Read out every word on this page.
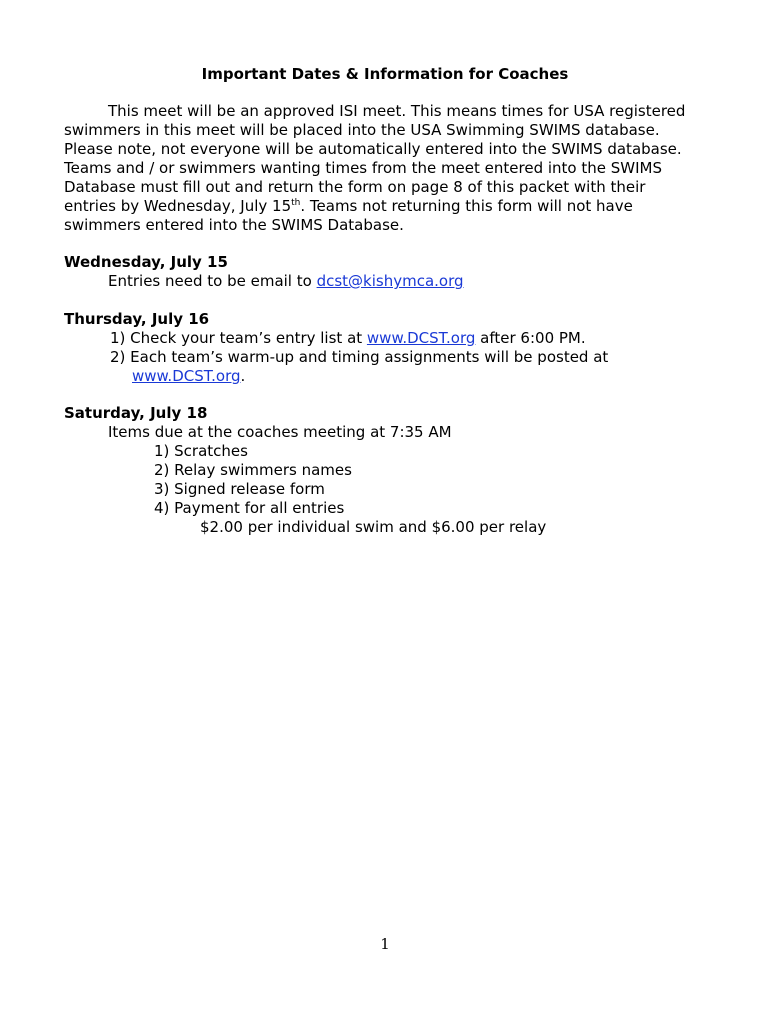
Important Dates & Information for Coaches
This meet will be an approved ISI meet. This means times for USA registered
swimmers in this meet will be placed into the USA Swimming SWIMS database.
Please note, not everyone will be automatically entered into the SWIMS database.
Teams and / or swimmers wanting times from the meet entered into the SWIMS
Database must fill out and return the form on page 8 of this packet with their
entries by Wednesday, July 15th. Teams not returning this form will not have
swimmers entered into the SWIMS Database.
Wednesday, July 15
Entries need to be email to dcst@kishymca.org
Thursday, July 16
1) Check your team’s entry list at www.DCST.org after 6:00 PM.
2) Each team’s warm-up and timing assignments will be posted at
www.DCST.org.
Saturday, July 18
Items due at the coaches meeting at 7:35 AM
1) Scratches
2) Relay swimmers names
3) Signed release form
4) Payment for all entries
$2.00 per individual swim and $6.00 per relay
1
